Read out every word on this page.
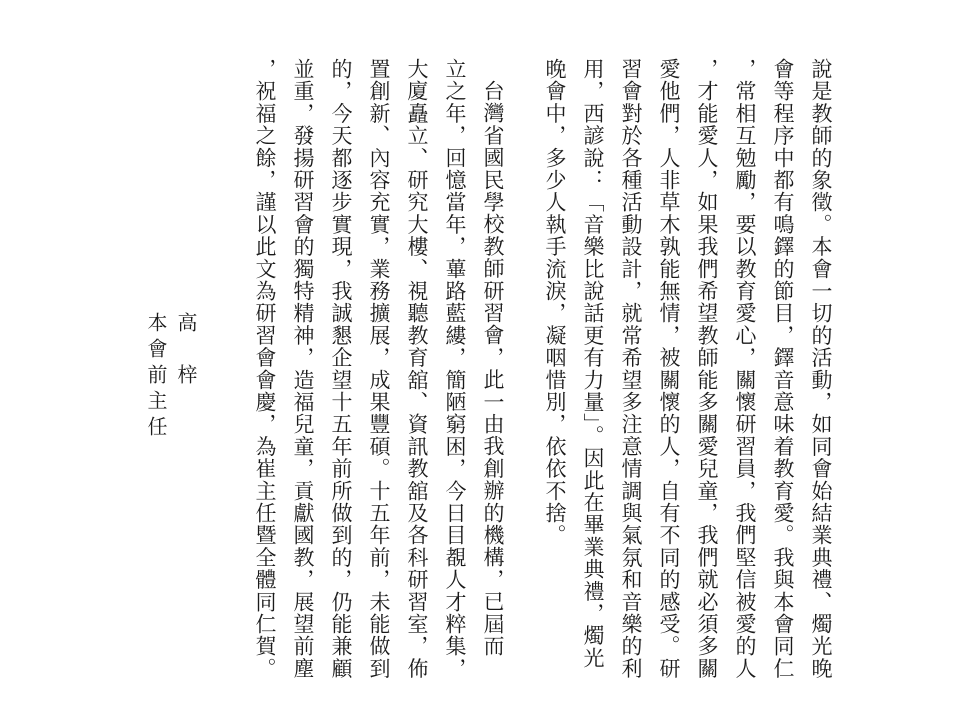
說是教師的象徵。本會一切的活動，如同會始結業典禮、燭光晚
會等程序中都有鳴鐸的節目，鐸音意味着教育愛。我與本會同仁
，常相互勉勵，要以教育愛心，關懷研習員，我們堅信被愛的人
，才能愛人，如果我們希望教師能多關愛兒童，我們就必須多關
愛他們，人非草木孰能無情，被關懷的人，自有不同的感受。研
習會對於各種活動設計，就常希望多注意情調與氣氛和音樂的利
用，西諺說：「音樂比說話更有力量」。因此在畢業典禮，燭光
晚會中，多少人執手流淚，凝咽惜別，依依不捨。
台灣省國民學校教師研習會，此一由我創辦的機構，已屆而
立之年，回憶當年，蓽路藍縷，簡陋窮困，今日目覩人才粹集，
大廈矗立、研究大樓、視聽教育舘、資訊教舘及各科研習室，佈
置創新、內容充實，業務擴展，成果豐碩。十五年前，未能做到
的，今天都逐步實現，我誠懇企望十五年前所做到的，仍能兼顧
並重，發揚研習會的獨特精神，造福兒童，貢獻國教，展望前塵
，祝福之餘，謹以此文為研習會會慶，為崔主任暨全體同仁賀。
高　梓
本會前主任
